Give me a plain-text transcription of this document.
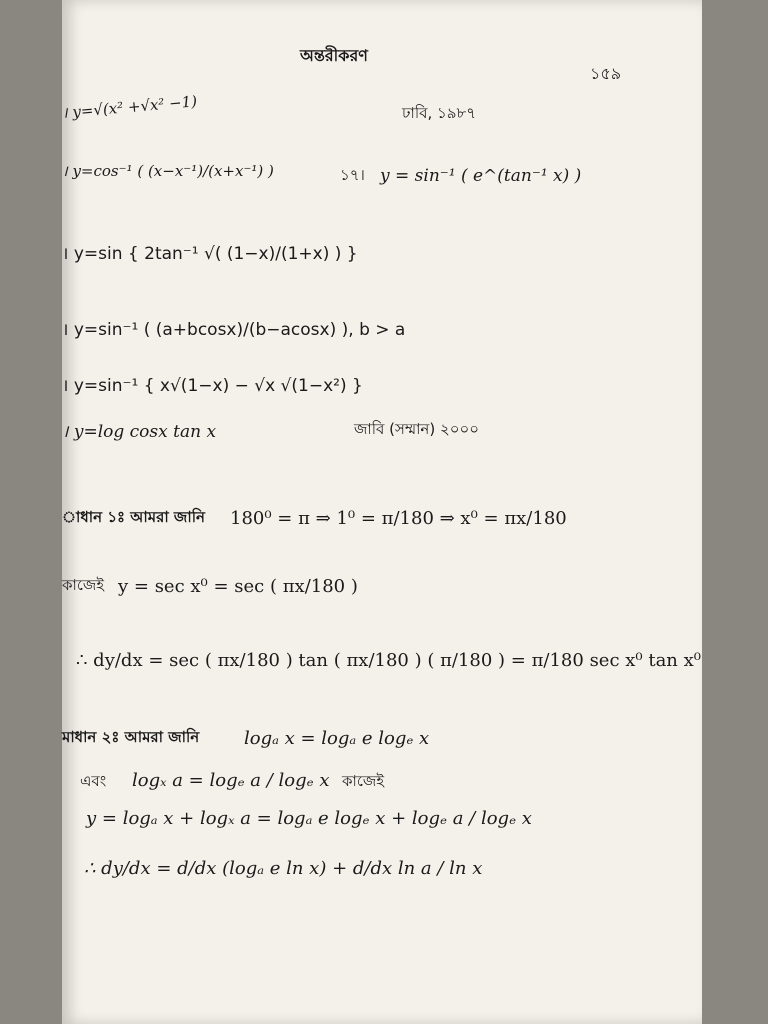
অন্তরীকরণ
১৫৯
। y=√(x² +√x² −1)	ঢাবি, ১৯৮৭
। y=cos⁻¹ ( (x−x⁻¹)/(x+x⁻¹) )	১৭। y = sin⁻¹ ( e^(tan⁻¹ x) )
। y=sin { 2tan⁻¹ √( (1−x)/(1+x) ) }
। y=sin⁻¹ ( (a+bcosx)/(b−acosx) ), b > a
। y=sin⁻¹ { x√(1−x) − √x √(1−x²) }
। y=log cosx tan x	জাবি (সম্মান) ২০০০
াধান ১ঃ আমরা জানি 180⁰ = π ⇒ 1⁰ = π/180 ⇒ x⁰ = πx/180
কাজেই y = sec x⁰ = sec ( πx/180 )
∴ dy/dx = sec ( πx/180 ) tan ( πx/180 ) ( π/180 ) = π/180 sec x⁰ tan x⁰
মাধান ২ঃ আমরা জানি logₐ x = logₐ e logₑ x
এবং logₓ a = logₑ a / logₑ x কাজেই
y = logₐ x + logₓ a = logₐ e logₑ x + logₑ a / logₑ x
∴ dy/dx = d/dx (logₐ e ln x) + d/dx ln a / ln x
